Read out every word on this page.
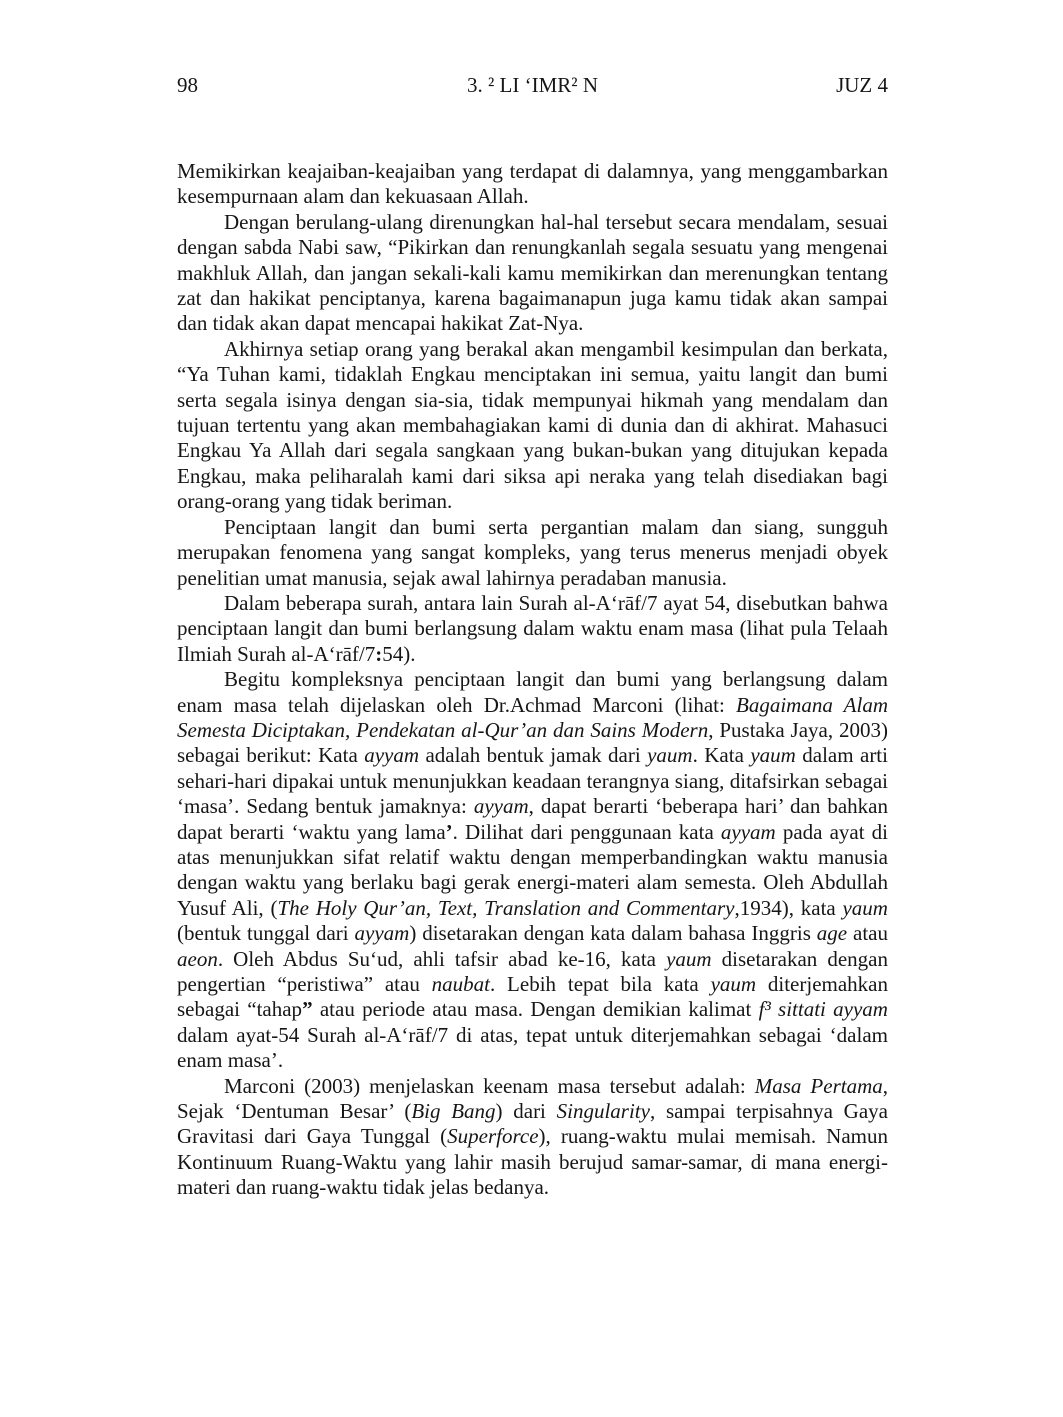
98	3. ² LI ‘IMR² N	JUZ 4

Memikirkan keajaiban-keajaiban yang terdapat di dalamnya, yang menggambarkan kesempurnaan alam dan kekuasaan Allah.

Dengan berulang-ulang direnungkan hal-hal tersebut secara mendalam, sesuai dengan sabda Nabi saw, “Pikirkan dan renungkanlah segala sesuatu yang mengenai makhluk Allah, dan jangan sekali-kali kamu memikirkan dan merenungkan tentang zat dan hakikat penciptanya, karena bagaimanapun juga kamu tidak akan sampai dan tidak akan dapat mencapai hakikat Zat-Nya.

Akhirnya setiap orang yang berakal akan mengambil kesimpulan dan berkata, “Ya Tuhan kami, tidaklah Engkau menciptakan ini semua, yaitu langit dan bumi serta segala isinya dengan sia-sia, tidak mempunyai hikmah yang mendalam dan tujuan tertentu yang akan membahagiakan kami di dunia dan di akhirat. Mahasuci Engkau Ya Allah dari segala sangkaan yang bukan-bukan yang ditujukan kepada Engkau, maka peliharalah kami dari siksa api neraka yang telah disediakan bagi orang-orang yang tidak beriman.

Penciptaan langit dan bumi serta pergantian malam dan siang, sungguh merupakan fenomena yang sangat kompleks, yang terus menerus menjadi obyek penelitian umat manusia, sejak awal lahirnya peradaban manusia.

Dalam beberapa surah, antara lain Surah al-A‘rāf/7 ayat 54, disebutkan bahwa penciptaan langit dan bumi berlangsung dalam waktu enam masa (lihat pula Telaah Ilmiah Surah al-A‘rāf/7:54).

Begitu kompleksnya penciptaan langit dan bumi yang berlangsung dalam enam masa telah dijelaskan oleh Dr.Achmad Marconi (lihat: Bagaimana Alam Semesta Diciptakan, Pendekatan al-Qur’an dan Sains Modern, Pustaka Jaya, 2003) sebagai berikut: Kata ayyam adalah bentuk jamak dari yaum. Kata yaum dalam arti sehari-hari dipakai untuk menunjukkan keadaan terangnya siang, ditafsirkan sebagai ‘masa’. Sedang bentuk jamaknya: ayyam, dapat berarti ‘beberapa hari’ dan bahkan dapat berarti ‘waktu yang lama’. Dilihat dari penggunaan kata ayyam pada ayat di atas menunjukkan sifat relatif waktu dengan memperbandingkan waktu manusia dengan waktu yang berlaku bagi gerak energi-materi alam semesta. Oleh Abdullah Yusuf Ali, (The Holy Qur’an, Text, Translation and Commentary,1934), kata yaum (bentuk tunggal dari ayyam) disetarakan dengan kata dalam bahasa Inggris age atau aeon. Oleh Abdus Su‘ud, ahli tafsir abad ke-16, kata yaum disetarakan dengan pengertian “peristiwa” atau naubat. Lebih tepat bila kata yaum diterjemahkan sebagai “tahap” atau periode atau masa. Dengan demikian kalimat f³ sittati ayyam dalam ayat-54 Surah al-A‘rāf/7 di atas, tepat untuk diterjemahkan sebagai ‘dalam enam masa’.

Marconi (2003) menjelaskan keenam masa tersebut adalah: Masa Pertama, Sejak ‘Dentuman Besar’ (Big Bang) dari Singularity, sampai terpisahnya Gaya Gravitasi dari Gaya Tunggal (Superforce), ruang-waktu mulai memisah. Namun Kontinuum Ruang-Waktu yang lahir masih berujud samar-samar, di mana energi-materi dan ruang-waktu tidak jelas bedanya.
